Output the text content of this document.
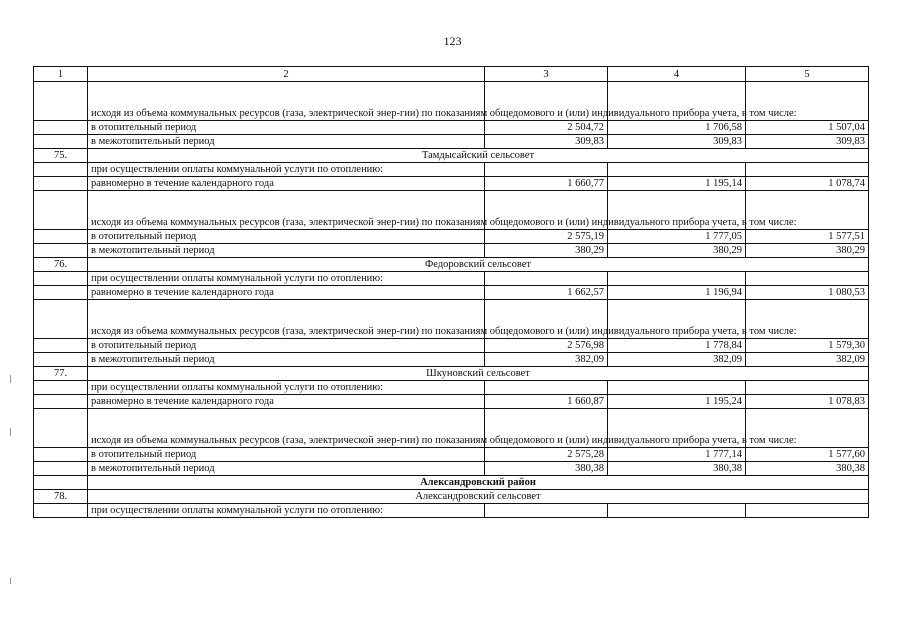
123
1	2	3	4	5
	исходя из объема коммунальных ресурсов (газа, электрической энер-гии) по показаниям общедомового и (или) индивидуального прибора учета, в том числе:			
	в отопительный период	2 504,72	1 706,58	1 507,04
	в межотопительный период	309,83	309,83	309,83
75.	Тамдысайский сельсовет			
	при осуществлении оплаты коммунальной услуги по отоплению:			
	равномерно в течение календарного года	1 660,77	1 195,14	1 078,74
	исходя из объема коммунальных ресурсов (газа, электрической энер-гии) по показаниям общедомового и (или) индивидуального прибора учета, в том числе:			
	в отопительный период	2 575,19	1 777,05	1 577,51
	в межотопительный период	380,29	380,29	380,29
76.	Федоровский сельсовет			
	при осуществлении оплаты коммунальной услуги по отоплению:			
	равномерно в течение календарного года	1 662,57	1 196,94	1 080,53
	исходя из объема коммунальных ресурсов (газа, электрической энер-гии) по показаниям общедомового и (или) индивидуального прибора учета, в том числе:			
	в отопительный период	2 576,98	1 778,84	1 579,30
	в межотопительный период	382,09	382,09	382,09
77.	Шкуновский сельсовет			
	при осуществлении оплаты коммунальной услуги по отоплению:			
	равномерно в течение календарного года	1 660,87	1 195,24	1 078,83
	исходя из объема коммунальных ресурсов (газа, электрической энер-гии) по показаниям общедомового и (или) индивидуального прибора учета, в том числе:			
	в отопительный период	2 575,28	1 777,14	1 577,60
	в межотопительный период	380,38	380,38	380,38
	Александровский район			
78.	Александровский сельсовет			
	при осуществлении оплаты коммунальной услуги по отоплению:			
